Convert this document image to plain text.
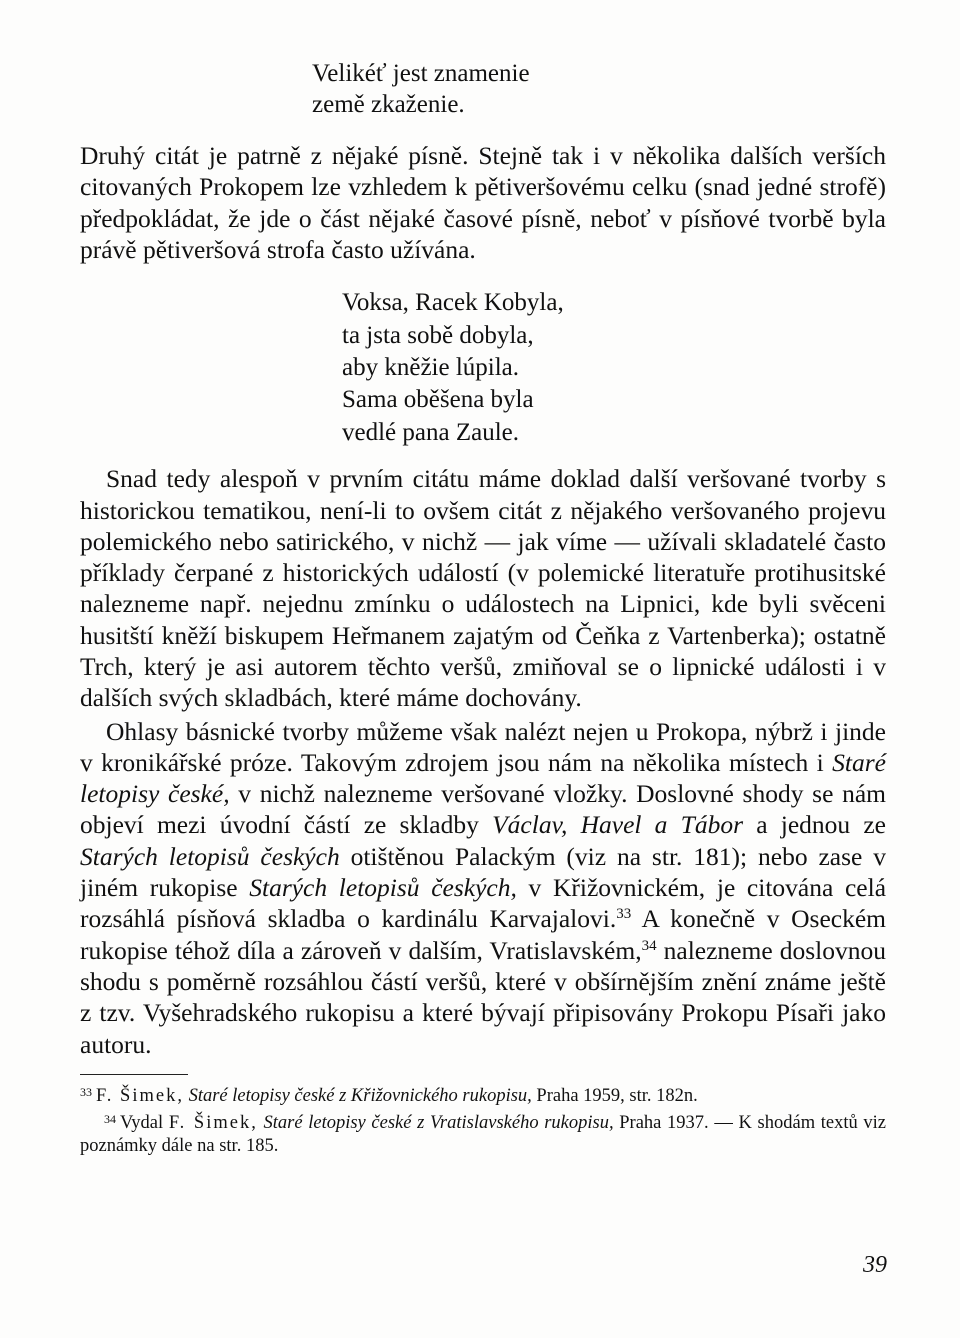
Velikéť jest znamenie
země zkaženie.

Druhý citát je patrně z nějaké písně. Stejně tak i v několika dalších verších citovaných Prokopem lze vzhledem k pětiveršovému celku (snad jedné strofě) předpokládat, že jde o část nějaké časové písně, neboť v písňové tvorbě byla právě pětiveršová strofa často užívána.

Voksa, Racek Kobyla,
ta jsta sobě dobyla,
aby kněžie lúpila.
Sama oběšena byla
vedlé pana Zaule.

Snad tedy alespoň v prvním citátu máme doklad další veršované tvorby s historickou tematikou, není-li to ovšem citát z nějakého veršovaného projevu polemického nebo satirického, v nichž — jak víme — užívali skladatelé často příklady čerpané z historických událostí (v polemické literatuře protihusitské nalezneme např. nejednu zmínku o událostech na Lipnici, kde byli svěceni husitští kněží biskupem Heřmanem zajatým od Čeňka z Vartenberka); ostatně Trch, který je asi autorem těchto veršů, zmiňoval se o lipnické události i v dalších svých skladbách, které máme dochovány.

Ohlasy básnické tvorby můžeme však nalézt nejen u Prokopa, nýbrž i jinde v kronikářské próze. Takovým zdrojem jsou nám na několika místech i Staré letopisy české, v nichž nalezneme veršované vložky. Doslovné shody se nám objeví mezi úvodní částí ze skladby Václav, Havel a Tábor a jednou ze Starých letopisů českých otištěnou Palackým (viz na str. 181); nebo zase v jiném rukopise Starých letopisů českých, v Křižovnickém, je citována celá rozsáhlá písňová skladba o kardinálu Karvajalovi.$^{33}$ A konečně v Oseckém rukopise téhož díla a zároveň v dalším, Vratislavském,$^{34}$ nalezneme doslovnou shodu s poměrně rozsáhlou částí veršů, které v obšírnějším znění známe ještě z tzv. Vyšehradského rukopisu a které bývají připisovány Prokopu Písaři jako autoru.

$^{33}$ F. Šimek, Staré letopisy české z Křižovnického rukopisu, Praha 1959, str. 182n.
$^{34}$ Vydal F. Šimek, Staré letopisy české z Vratislavského rukopisu, Praha 1937. — K shodám textů viz poznámky dále na str. 185.
39
